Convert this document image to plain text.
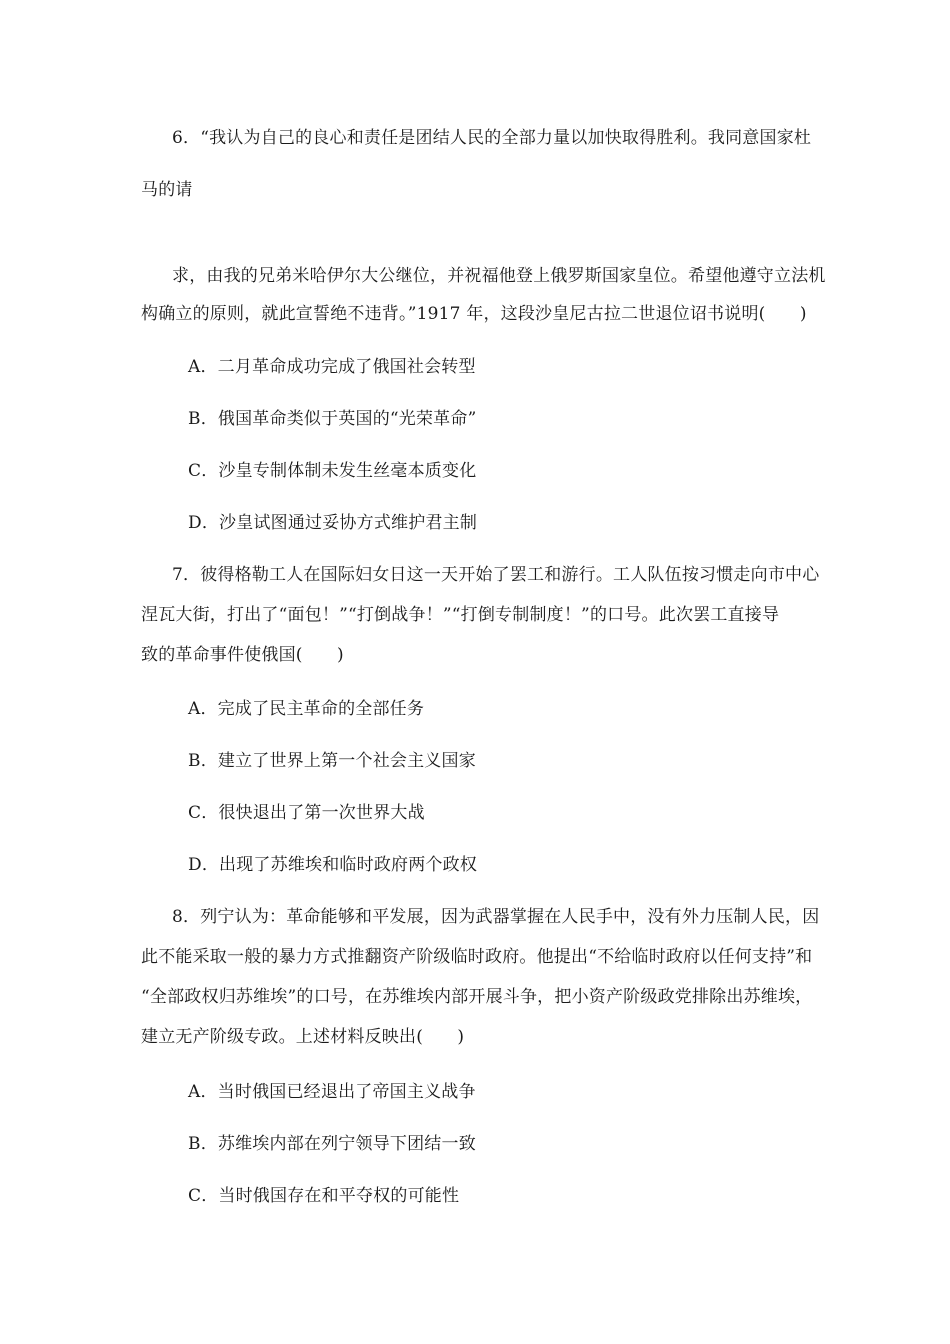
6．“我认为自己的良心和责任是团结人民的全部力量以加快取得胜利。我同意国家杜
马的请
求，由我的兄弟米哈伊尔大公继位，并祝福他登上俄罗斯国家皇位。希望他遵守立法机
构确立的原则，就此宣誓绝不违背。”1917 年，这段沙皇尼古拉二世退位诏书说明(　　)
A．二月革命成功完成了俄国社会转型
B．俄国革命类似于英国的“光荣革命”
C．沙皇专制体制未发生丝毫本质变化
D．沙皇试图通过妥协方式维护君主制
7．彼得格勒工人在国际妇女日这一天开始了罢工和游行。工人队伍按习惯走向市中心
涅瓦大街，打出了“面包！”“打倒战争！”“打倒专制制度！”的口号。此次罢工直接导
致的革命事件使俄国(　　)
A．完成了民主革命的全部任务
B．建立了世界上第一个社会主义国家
C．很快退出了第一次世界大战
D．出现了苏维埃和临时政府两个政权
8．列宁认为：革命能够和平发展，因为武器掌握在人民手中，没有外力压制人民，因
此不能采取一般的暴力方式推翻资产阶级临时政府。他提出“不给临时政府以任何支持”和
“全部政权归苏维埃”的口号，在苏维埃内部开展斗争，把小资产阶级政党排除出苏维埃，
建立无产阶级专政。上述材料反映出(　　)
A．当时俄国已经退出了帝国主义战争
B．苏维埃内部在列宁领导下团结一致
C．当时俄国存在和平夺权的可能性
